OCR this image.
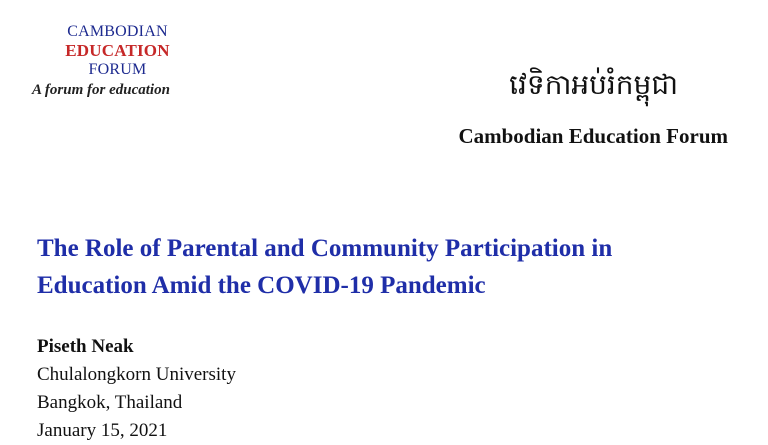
CAMBODIAN
EDUCATION
FORUM
A forum for education	វេទិកាអប់រំកម្ពុជា
Cambodian Education Forum
The Role of Parental and Community Participation in
Education Amid the COVID-19 Pandemic
Piseth Neak
Chulalongkorn University
Bangkok, Thailand
January 15, 2021
